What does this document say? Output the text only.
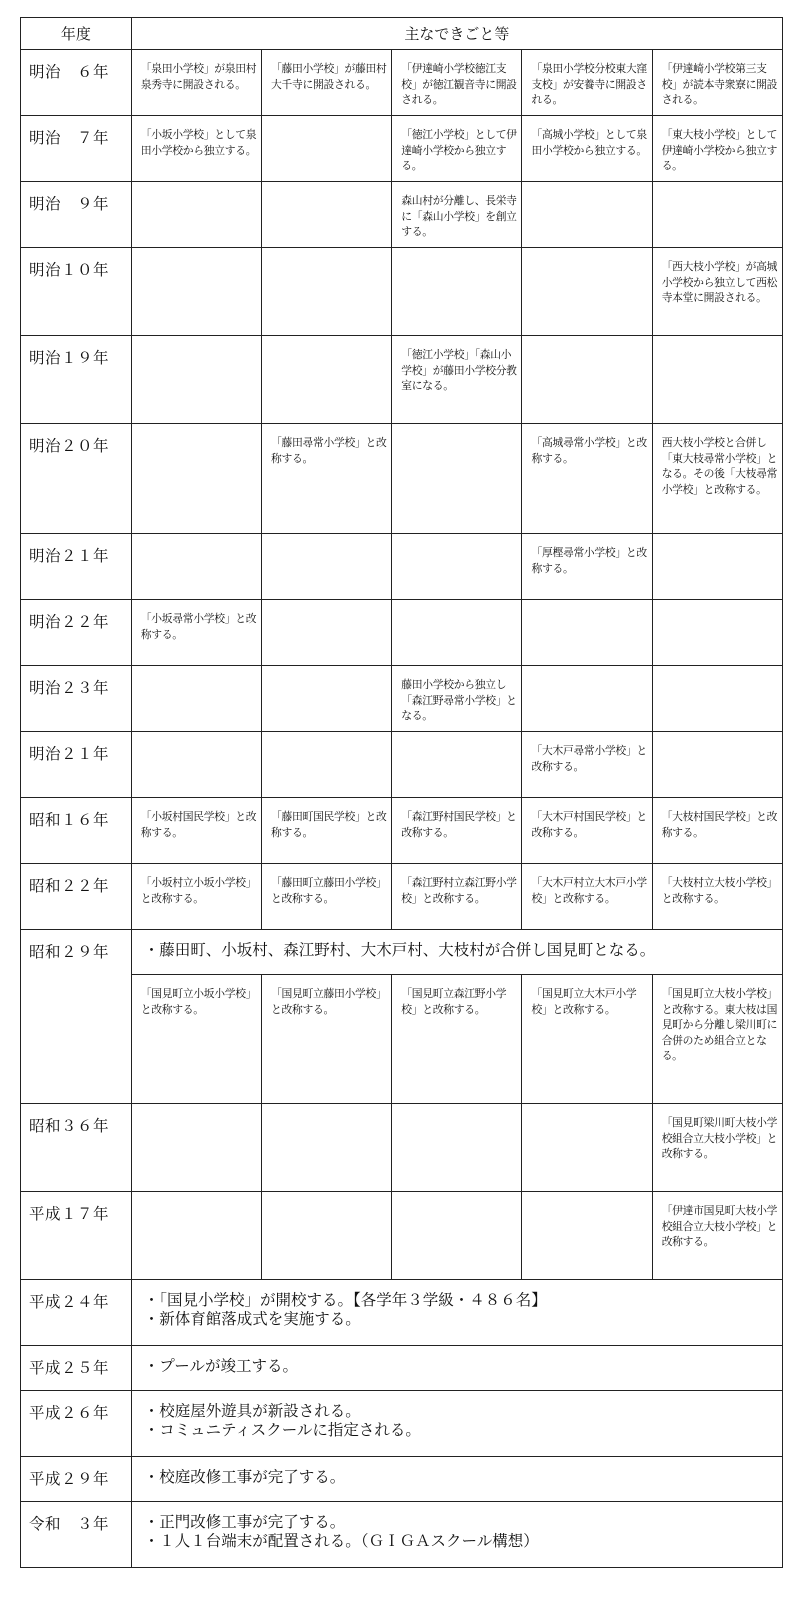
年度	主なできごと等				
明治　６年	「泉田小学校」が泉田村泉秀寺に開設される。	「藤田小学校」が藤田村大千寺に開設される。	「伊達崎小学校徳江支校」が徳江観音寺に開設される。	「泉田小学校分校東大窪支校」が安養寺に開設される。	「伊達崎小学校第三支校」が読本寺衆寮に開設される。
明治　７年	「小坂小学校」として泉田小学校から独立する。		「徳江小学校」として伊達崎小学校から独立する。	「高城小学校」として泉田小学校から独立する。	「東大枝小学校」として伊達崎小学校から独立する。
明治　９年			森山村が分離し、長栄寺に「森山小学校」を創立する。		
明治１０年					「西大枝小学校」が高城小学校から独立して西松寺本堂に開設される。
明治１９年			「徳江小学校」「森山小学校」が藤田小学校分教室になる。		
明治２０年		「藤田尋常小学校」と改称する。		「高城尋常小学校」と改称する。	西大枝小学校と合併し「東大枝尋常小学校」となる。その後「大枝尋常小学校」と改称する。
明治２１年				「厚樫尋常小学校」と改称する。	
明治２２年	「小坂尋常小学校」と改称する。				
明治２３年			藤田小学校から独立し「森江野尋常小学校」となる。		
明治２１年				「大木戸尋常小学校」と改称する。	
昭和１６年	「小坂村国民学校」と改称する。	「藤田町国民学校」と改称する。	「森江野村国民学校」と改称する。	「大木戸村国民学校」と改称する。	「大枝村国民学校」と改称する。
昭和２２年	「小坂村立小坂小学校」と改称する。	「藤田町立藤田小学校」と改称する。	「森江野村立森江野小学校」と改称する。	「大木戸村立大木戸小学校」と改称する。	「大枝村立大枝小学校」と改称する。
昭和２９年	・藤田町、小坂村、森江野村、大木戸村、大枝村が合併し国見町となる。				
	「国見町立小坂小学校」と改称する。	「国見町立藤田小学校」と改称する。	「国見町立森江野小学校」と改称する。	「国見町立大木戸小学校」と改称する。	「国見町立大枝小学校」と改称する。東大枝は国見町から分離し梁川町に合併のため組合立となる。
昭和３６年					「国見町梁川町大枝小学校組合立大枝小学校」と改称する。
平成１７年					「伊達市国見町大枝小学校組合立大枝小学校」と改称する。
平成２４年	・「国見小学校」が開校する。【各学年３学級・４８６名】
・新体育館落成式を実施する。				

平成２５年	・プールが竣工する。				

平成２６年	・校庭屋外遊具が新設される。
・コミュニティスクールに指定される。				

平成２９年	・校庭改修工事が完了する。				

令和　３年	・正門改修工事が完了する。
・１人１台端末が配置される。（ＧＩＧＡスクール構想）				
